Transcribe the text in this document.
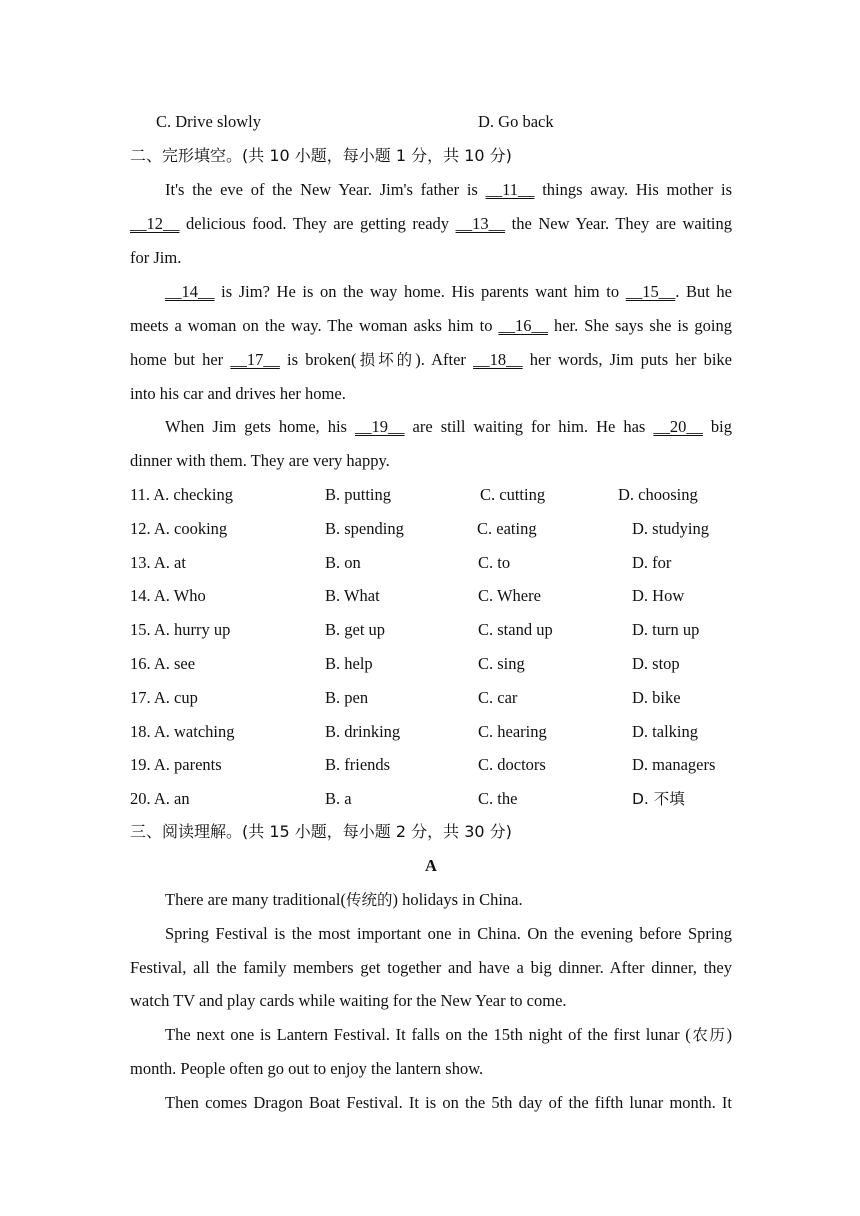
C. Drive slowly	D. Go back
二、完形填空。(共 10 小题，每小题 1 分，共 10 分)
It's the eve of the New Year. Jim's father is __11__ things away. His mother is
__12__ delicious food. They are getting ready __13__ the New Year. They are waiting
for Jim.
__14__ is Jim? He is on the way home. His parents want him to __15__. But he
meets a woman on the way. The woman asks him to __16__ her. She says she is going
home but her __17__ is broken(损坏的). After __18__ her words, Jim puts her bike
into his car and drives her home.
When Jim gets home, his __19__ are still waiting for him. He has __20__ big
dinner with them. They are very happy.
11. A. checking	B. putting	C. cutting	D. choosing
12. A. cooking	B. spending	C. eating	D. studying
13. A. at	B. on	C. to	D. for
14. A. Who	B. What	C. Where	D. How
15. A. hurry up	B. get up	C. stand up	D. turn up
16. A. see	B. help	C. sing	D. stop
17. A. cup	B. pen	C. car	D. bike
18. A. watching	B. drinking	C. hearing	D. talking
19. A. parents	B. friends	C. doctors	D. managers
20. A. an	B. a	C. the	D. 不填
三、阅读理解。(共 15 小题，每小题 2 分，共 30 分)
A
There are many traditional(传统的) holidays in China.
Spring Festival is the most important one in China. On the evening before Spring
Festival, all the family members get together and have a big dinner. After dinner, they
watch TV and play cards while waiting for the New Year to come.
The next one is Lantern Festival. It falls on the 15th night of the first lunar (农历)
month. People often go out to enjoy the lantern show.
Then comes Dragon Boat Festival. It is on the 5th day of the fifth lunar month. It
